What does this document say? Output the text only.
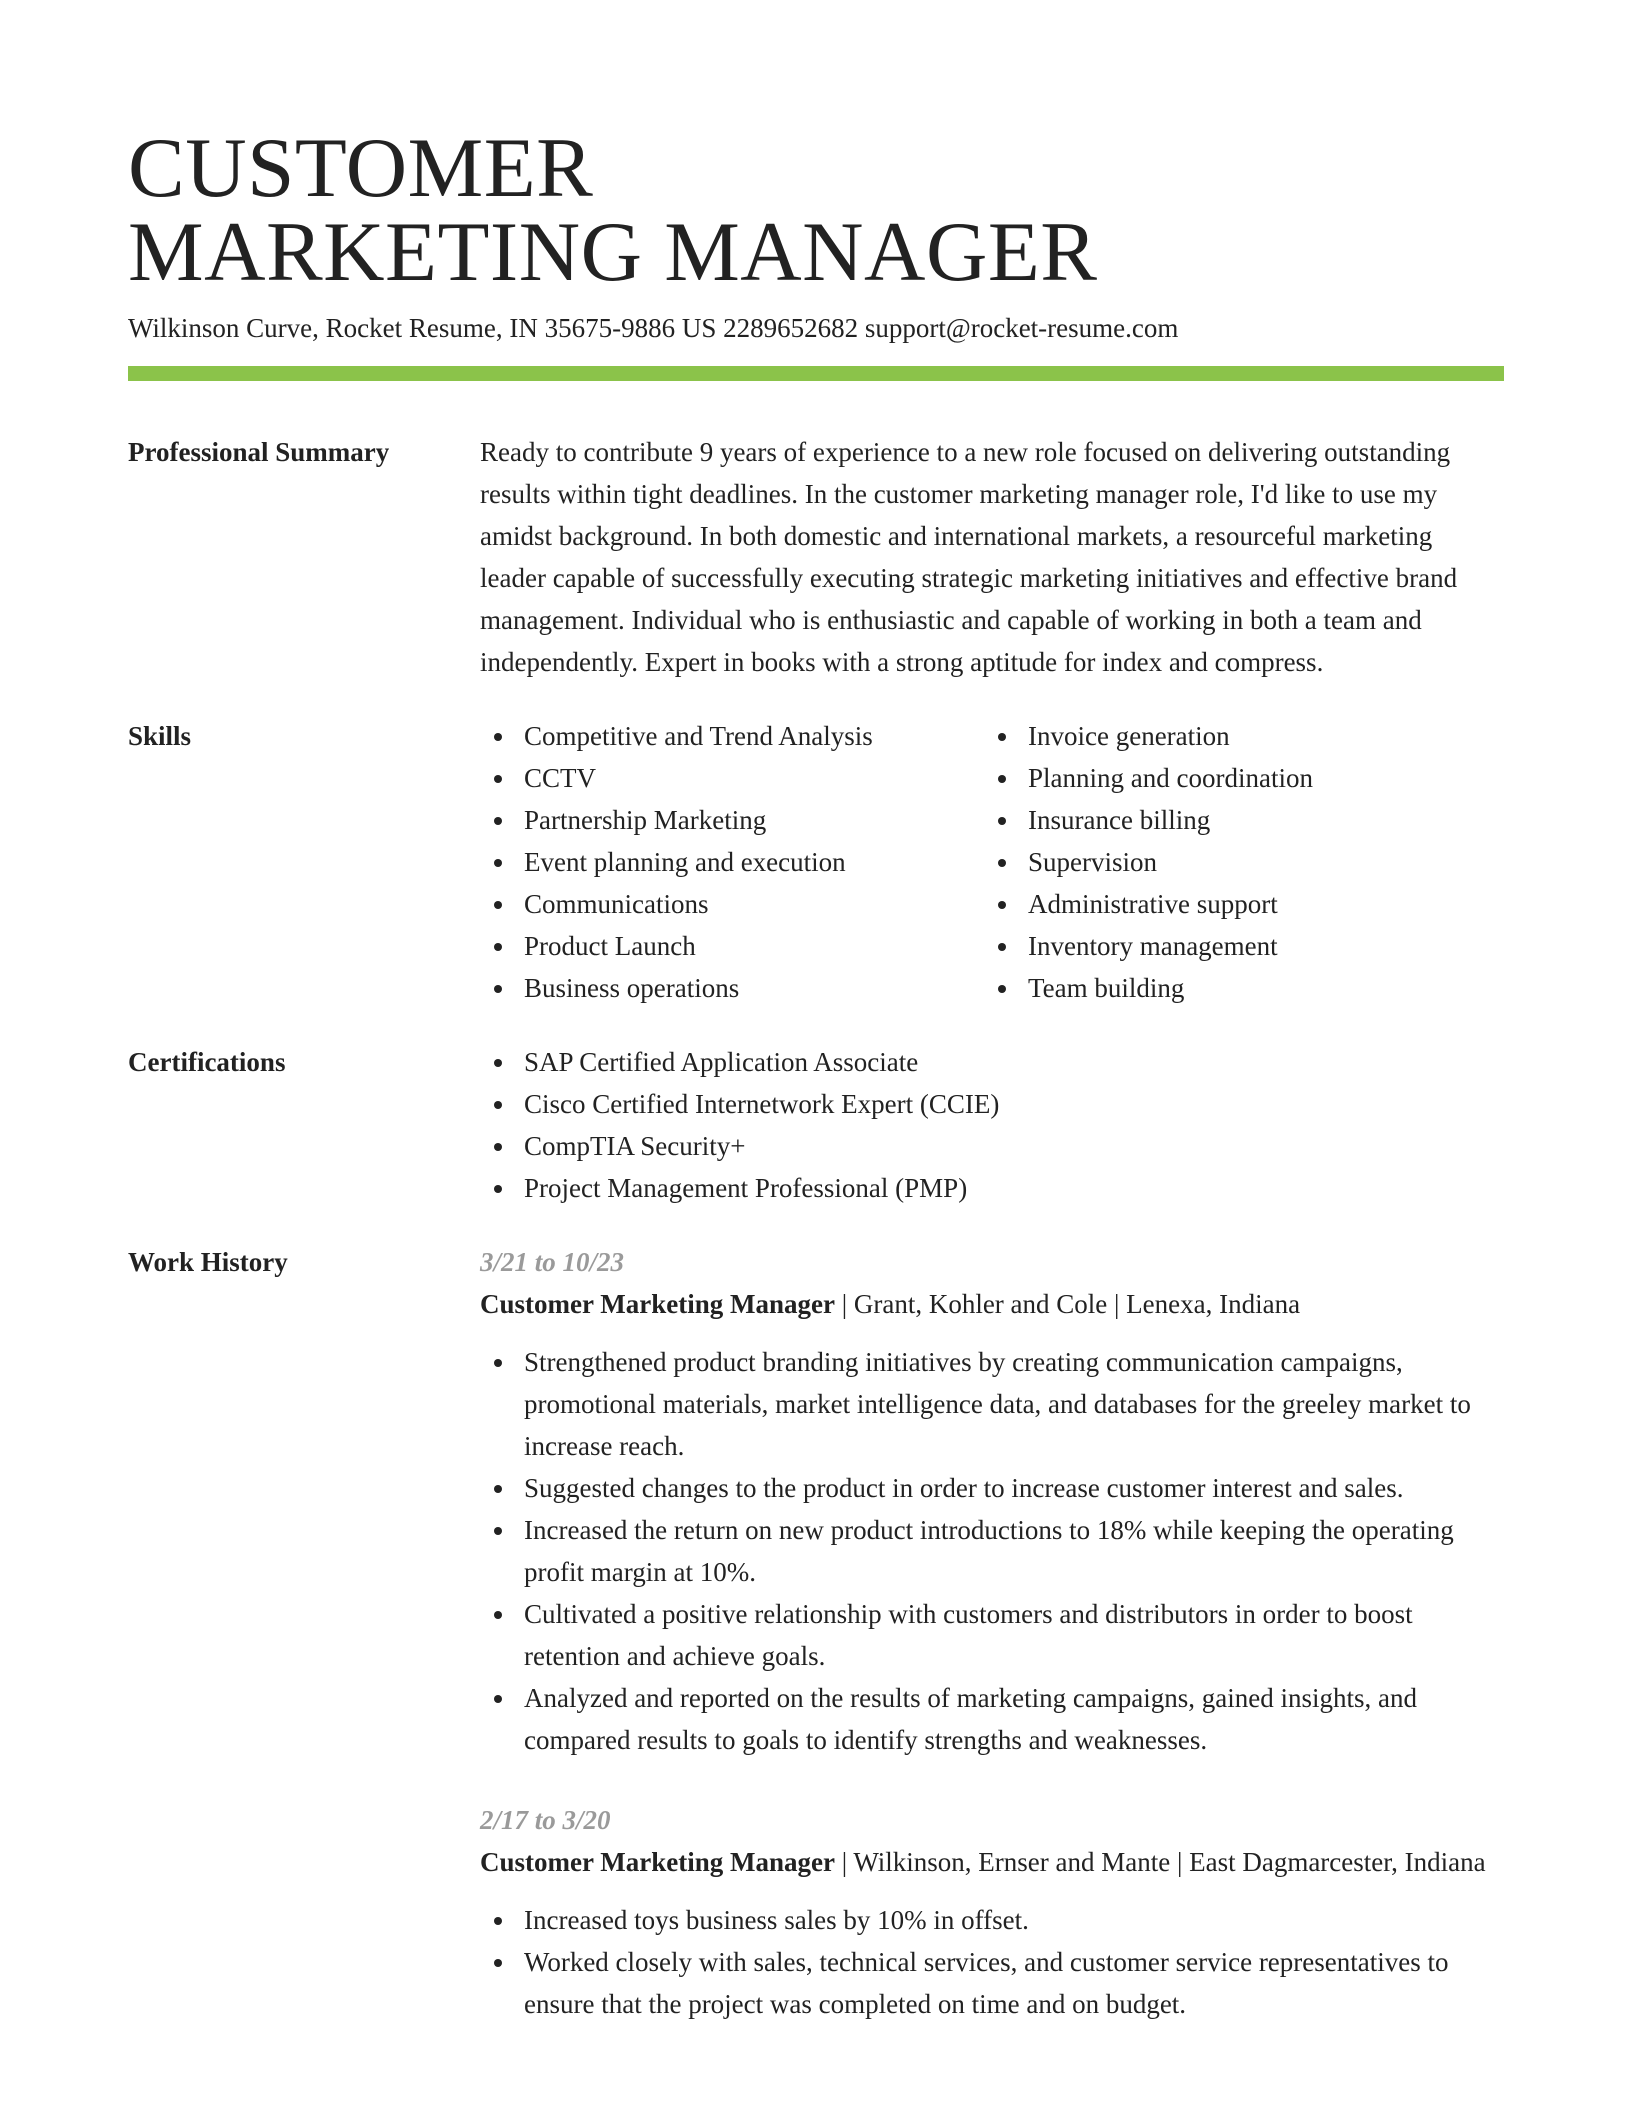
CUSTOMER
MARKETING MANAGER
Wilkinson Curve, Rocket Resume, IN 35675-9886 US 2289652682 support@rocket-resume.com
Professional Summary	Ready to contribute 9 years of experience to a new role focused on delivering outstanding results within tight deadlines. In the customer marketing manager role, I'd like to use my amidst background. In both domestic and international markets, a resourceful marketing leader capable of successfully executing strategic marketing initiatives and effective brand management. Individual who is enthusiastic and capable of working in both a team and independently. Expert in books with a strong aptitude for index and compress.
Skills	Competitive and Trend Analysis
CCTV
Partnership Marketing
Event planning and execution
Communications
Product Launch
Business operations
Invoice generation
Planning and coordination
Insurance billing
Supervision
Administrative support
Inventory management
Team building
Certifications	SAP Certified Application Associate
Cisco Certified Internetwork Expert (CCIE)
CompTIA Security+
Project Management Professional (PMP)
Work History	3/21 to 10/23
Customer Marketing Manager | Grant, Kohler and Cole | Lenexa, Indiana
Strengthened product branding initiatives by creating communication campaigns, promotional materials, market intelligence data, and databases for the greeley market to increase reach.
Suggested changes to the product in order to increase customer interest and sales.
Increased the return on new product introductions to 18% while keeping the operating profit margin at 10%.
Cultivated a positive relationship with customers and distributors in order to boost retention and achieve goals.
Analyzed and reported on the results of marketing campaigns, gained insights, and compared results to goals to identify strengths and weaknesses.
2/17 to 3/20
Customer Marketing Manager | Wilkinson, Ernser and Mante | East Dagmarcester, Indiana
Increased toys business sales by 10% in offset.
Worked closely with sales, technical services, and customer service representatives to ensure that the project was completed on time and on budget.
